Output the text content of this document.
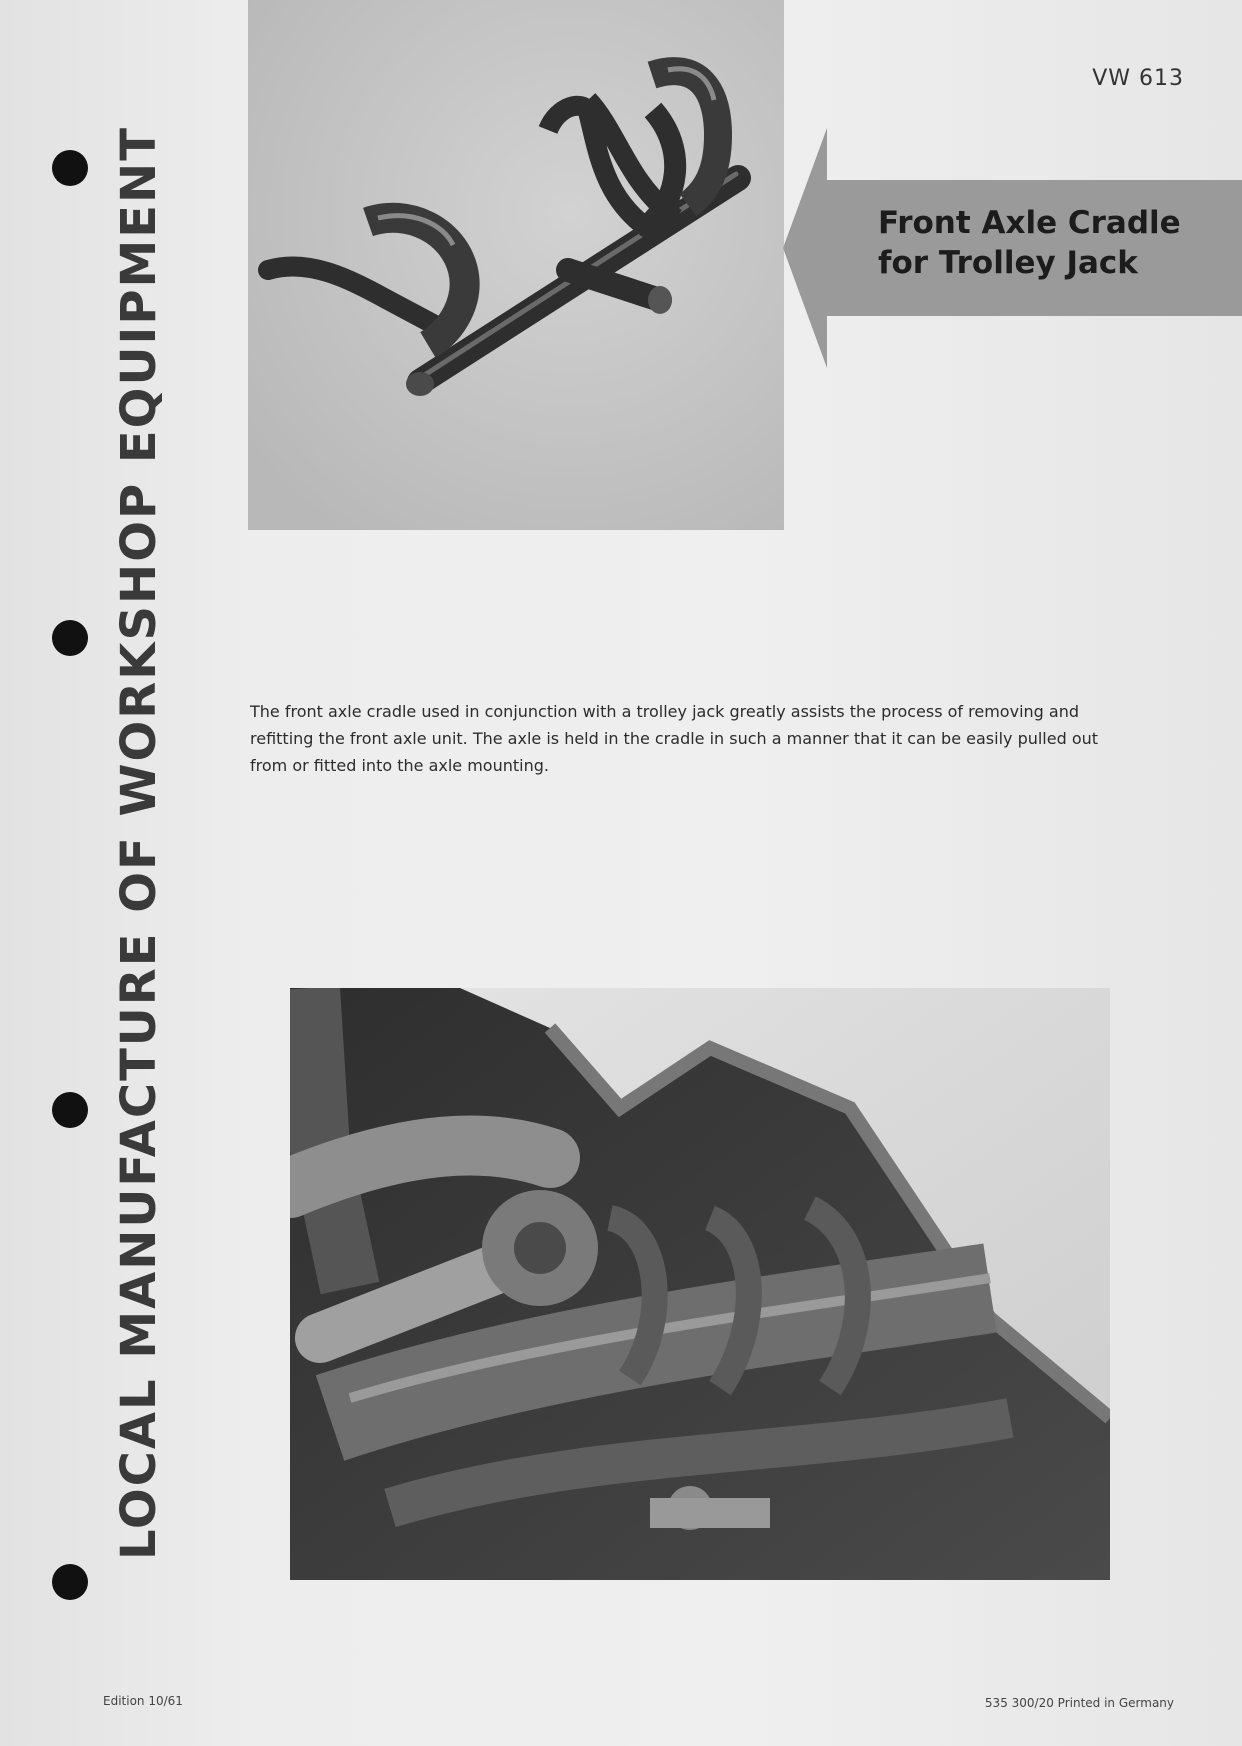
LOCAL MANUFACTURE OF WORKSHOP EQUIPMENT
VW 613
Front Axle Cradle
for Trolley Jack
The front axle cradle used in conjunction with a trolley jack greatly assists the process of removing and refitting the front axle unit. The axle is held in the cradle in such a manner that it can be easily pulled out from or fitted into the axle mounting.
Edition 10/61	535 300/20 Printed in Germany
